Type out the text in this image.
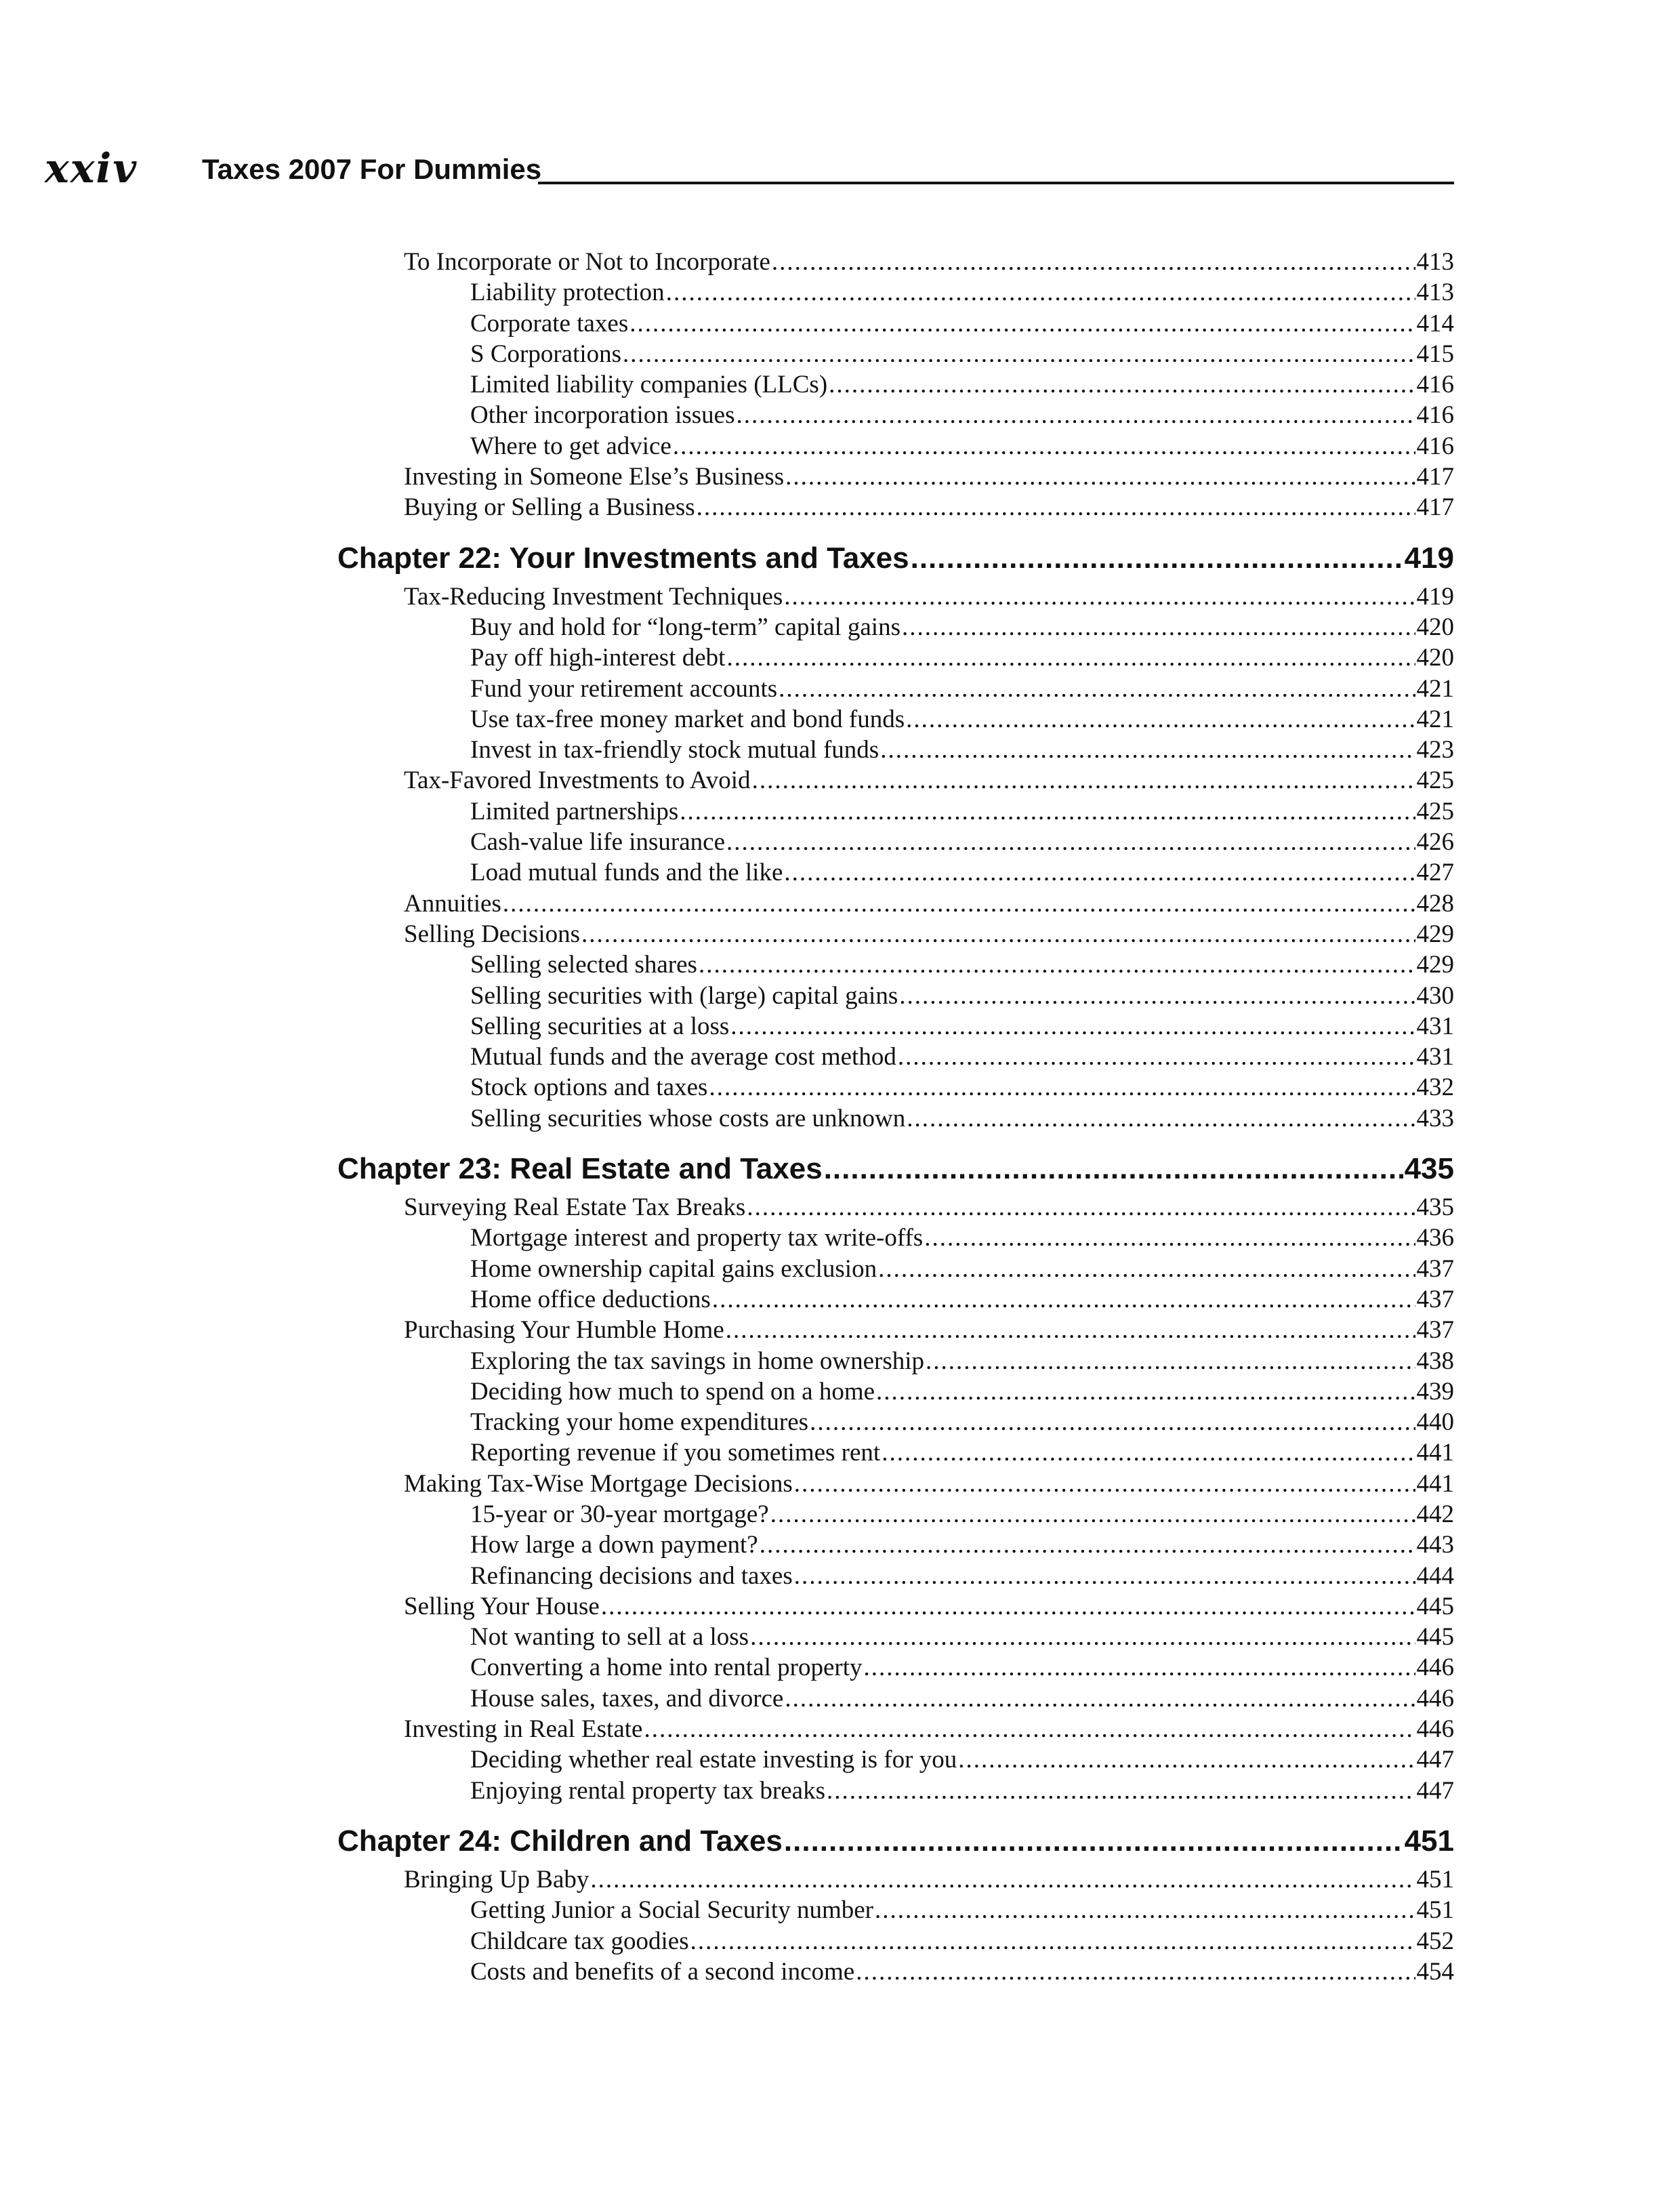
xxiv Taxes 2007 For Dummies
To Incorporate or Not to Incorporate .....	413
Liability protection .....	413
Corporate taxes .....	414
S Corporations .....	415
Limited liability companies (LLCs) .....	416
Other incorporation issues .....	416
Where to get advice .....	416
Investing in Someone Else’s Business .....	417
Buying or Selling a Business .....	417
Chapter 22: Your Investments and Taxes .....	419
Tax-Reducing Investment Techniques .....	419
Buy and hold for “long-term” capital gains .....	420
Pay off high-interest debt .....	420
Fund your retirement accounts .....	421
Use tax-free money market and bond funds .....	421
Invest in tax-friendly stock mutual funds .....	423
Tax-Favored Investments to Avoid .....	425
Limited partnerships .....	425
Cash-value life insurance .....	426
Load mutual funds and the like .....	427
Annuities .....	428
Selling Decisions .....	429
Selling selected shares .....	429
Selling securities with (large) capital gains .....	430
Selling securities at a loss .....	431
Mutual funds and the average cost method .....	431
Stock options and taxes .....	432
Selling securities whose costs are unknown .....	433
Chapter 23: Real Estate and Taxes .....	435
Surveying Real Estate Tax Breaks .....	435
Mortgage interest and property tax write-offs .....	436
Home ownership capital gains exclusion .....	437
Home office deductions .....	437
Purchasing Your Humble Home .....	437
Exploring the tax savings in home ownership .....	438
Deciding how much to spend on a home .....	439
Tracking your home expenditures .....	440
Reporting revenue if you sometimes rent .....	441
Making Tax-Wise Mortgage Decisions .....	441
15-year or 30-year mortgage? .....	442
How large a down payment? .....	443
Refinancing decisions and taxes .....	444
Selling Your House .....	445
Not wanting to sell at a loss .....	445
Converting a home into rental property .....	446
House sales, taxes, and divorce .....	446
Investing in Real Estate .....	446
Deciding whether real estate investing is for you .....	447
Enjoying rental property tax breaks .....	447
Chapter 24: Children and Taxes .....	451
Bringing Up Baby .....	451
Getting Junior a Social Security number .....	451
Childcare tax goodies .....	452
Costs and benefits of a second income .....	454
